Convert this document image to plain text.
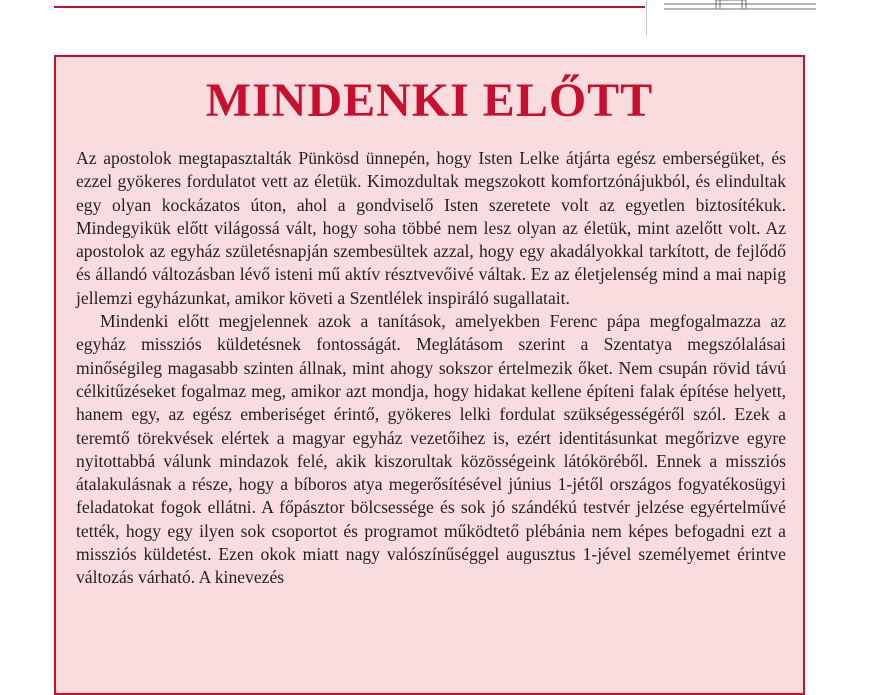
MINDENKI ELŐTT

Az apostolok megtapasztalták Pünkösd ünnepén, hogy Isten Lelke átjárta egész emberségüket, és ezzel gyökeres fordulatot vett az életük. Kimozdultak megszokott komfortzónájukból, és elindultak egy olyan kockázatos úton, ahol a gondviselő Isten szeretete volt az egyetlen biztosítékuk. Mindegyikük előtt világossá vált, hogy soha többé nem lesz olyan az életük, mint azelőtt volt. Az apostolok az egyház születésnapján szembesültek azzal, hogy egy akadályokkal tarkított, de fejlődő és állandó változásban lévő isteni mű aktív résztvevőivé váltak. Ez az életjelenség mind a mai napig jellemzi egyházunkat, amikor követi a Szentlélek inspiráló sugallatait.

Mindenki előtt megjelennek azok a tanítások, amelyekben Ferenc pápa megfogalmazza az egyház missziós küldetésnek fontosságát. Meglátásom szerint a Szentatya megszólalásai minőségileg magasabb szinten állnak, mint ahogy sokszor értelmezik őket. Nem csupán rövid távú célkitűzéseket fogalmaz meg, amikor azt mondja, hogy hidakat kellene építeni falak építése helyett, hanem egy, az egész emberiséget érintő, gyökeres lelki fordulat szükségességéről szól. Ezek a teremtő törekvések elértek a magyar egyház vezetőihez is, ezért identitásunkat megőrizve egyre nyitottabbá válunk mindazok felé, akik kiszorultak közösségeink látóköréből. Ennek a missziós átalakulásnak a része, hogy a bíboros atya megerősítésével június 1-jétől országos fogyatékosügyi feladatokat fogok ellátni. A főpásztor bölcsessége és sok jó szándékú testvér jelzése egyértelművé tették, hogy egy ilyen sok csoportot és programot működtető plébánia nem képes befogadni ezt a missziós küldetést. Ezen okok miatt nagy valószínűséggel augusztus 1-jével személyemet érintve változás várható. A kinevezés
